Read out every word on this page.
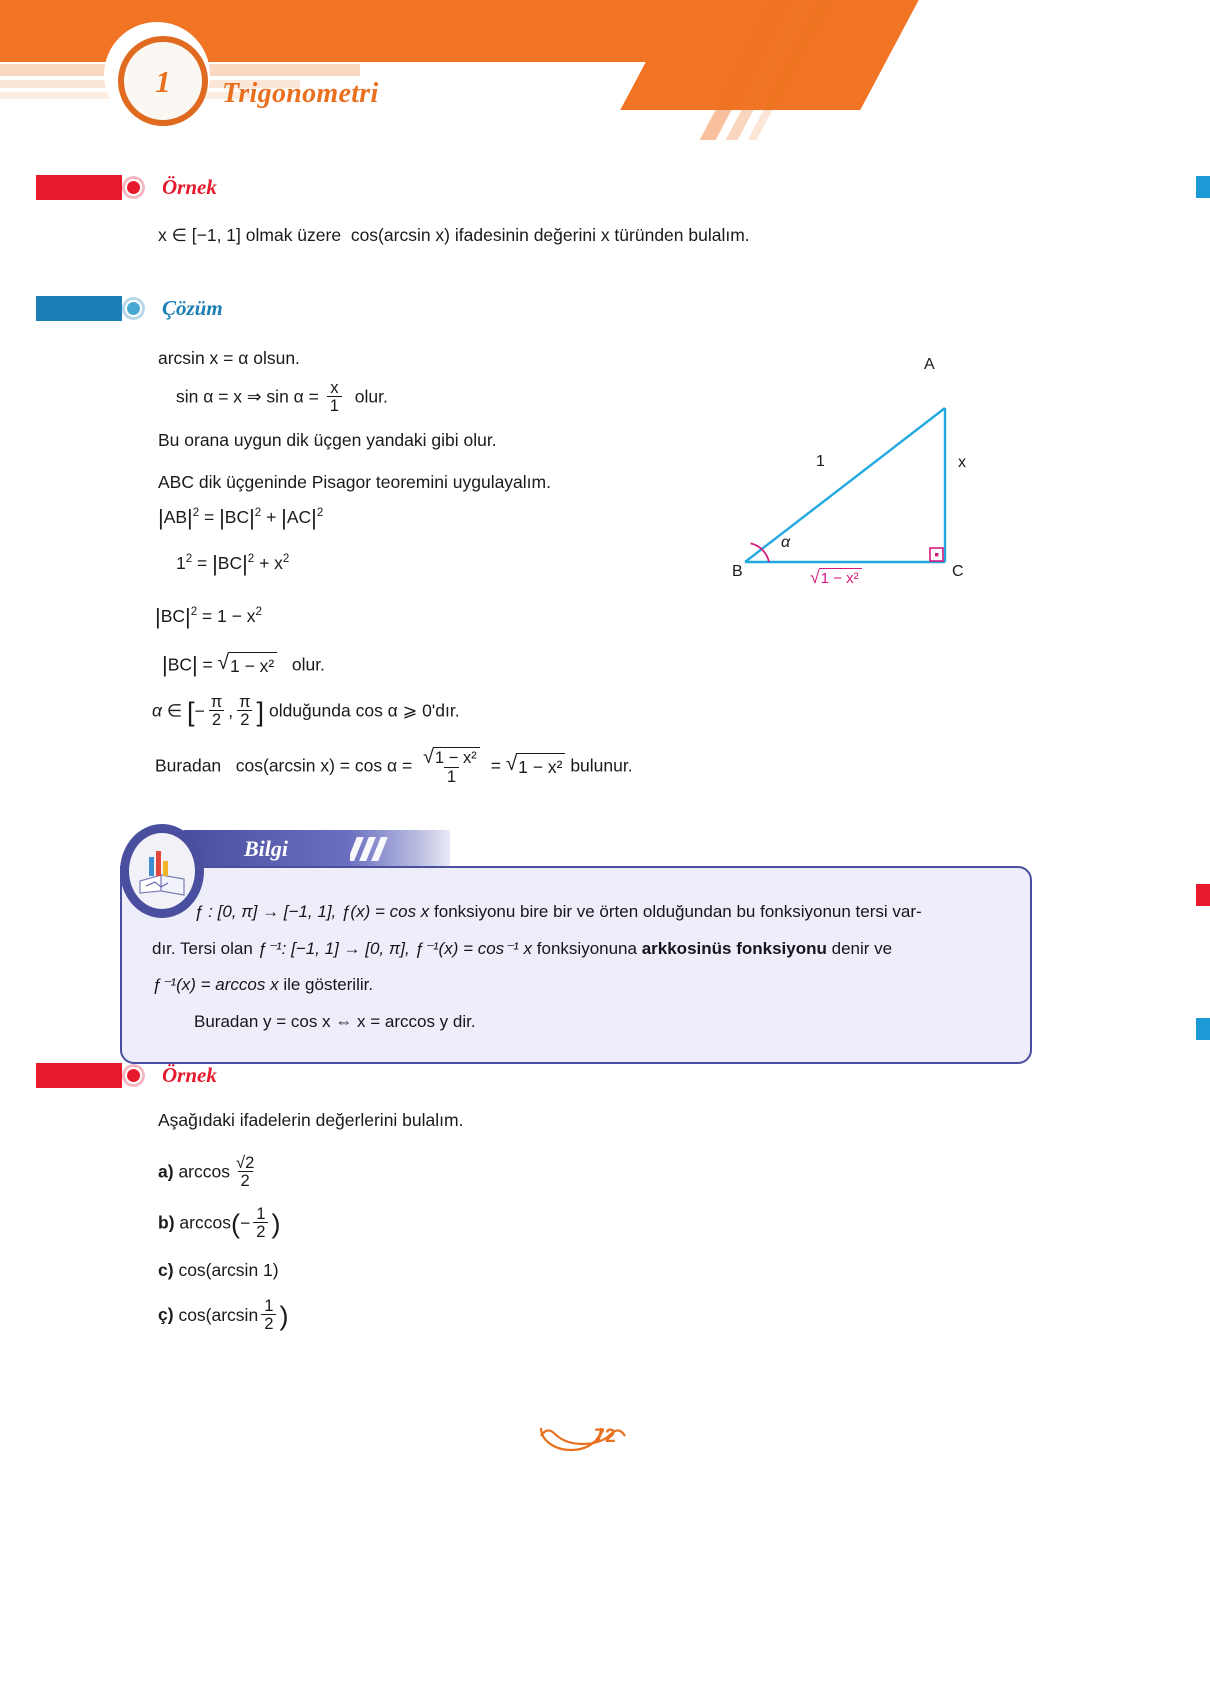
1 Trigonometri
Örnek
x ∈ [−1, 1] olmak üzere cos(arcsin x) ifadesinin değerini x türünden bulalım.
Çözüm
arcsin x = α olsun.
sin α = x ⇒ $\sin \alpha = \frac{x}{1}$ olur.
Bu orana uygun dik üçgen yandaki gibi olur.
ABC dik üçgeninde Pisagor teoremini uygulayalım.
$|AB|^2 = |BC|^2 + |AC|^2$
$1^2 = |BC|^2 + x^2$
$|BC|^2 = 1 - x^2$
|BC| = √ 1 − x² olur.
α ∈ [ − π
2 , π
2 ] olduğunda cos α ⩾ 0'dır.
Buradan cos(arcsin $x) = \cos \alpha = \frac{\text{√ 1 − x²}}{1}$ = √ 1 − x² bulunur.
A
B	C
1	x
α
√ 1 − x²
Bilgi
ƒ : [0, π] → [−1, 1], ƒ(x) = cos x fonksiyonu bire bir ve örten olduğundan bu fonksiyonun tersi var-
dır. Tersi olan ƒ⁻¹: [−1, 1] → [0, π], ƒ⁻¹(x) = cos⁻¹ x fonksiyonuna arkkosinüs fonksiyonu denir ve
ƒ⁻¹(x) = arccos x ile gösterilir.
Buradan y = cos x ⇔ x = arccos y dir.
Örnek
Aşağıdaki ifadelerin değerlerini bulalım.
a) $\arccos \frac{√2}{2}$
b) arccos ( − 1
2 )
c) cos(arcsin 1)
ç) cos(arcsin 1
2 )
72
